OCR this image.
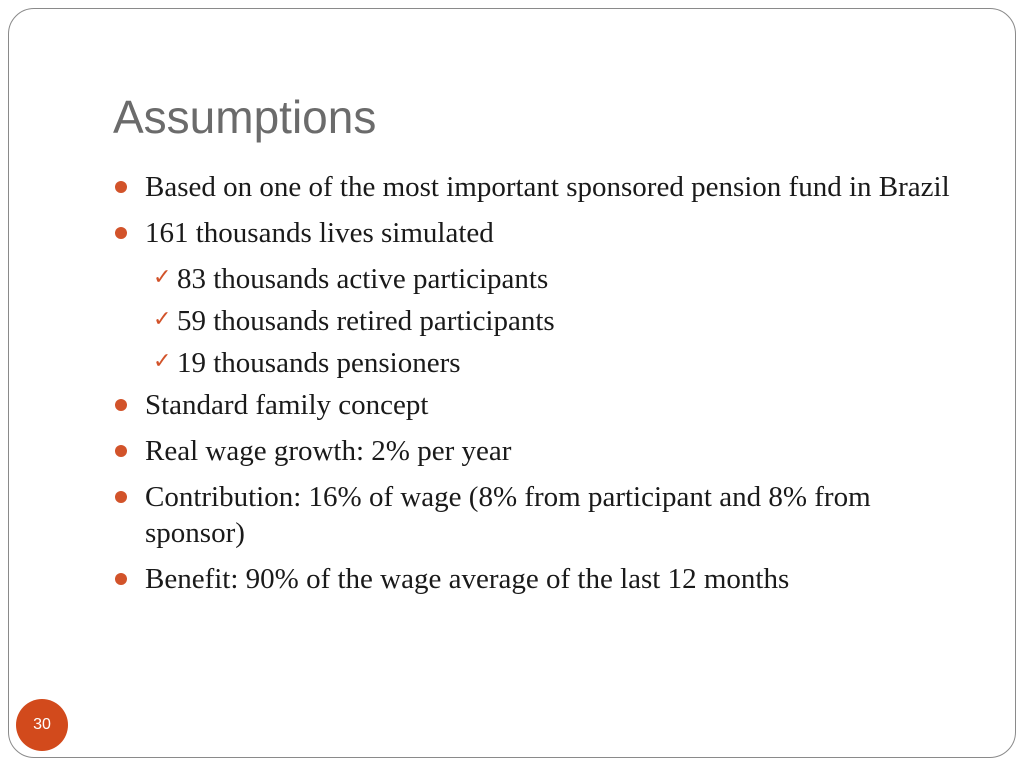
Assumptions
Based on one of the most important sponsored pension fund in Brazil
161 thousands lives simulated
✓ 83 thousands active participants
✓ 59 thousands retired participants
✓ 19 thousands pensioners
Standard family concept
Real wage growth: 2% per year
Contribution: 16% of wage (8% from participant and 8% from sponsor)
Benefit: 90% of the wage average of the last 12 months
30
